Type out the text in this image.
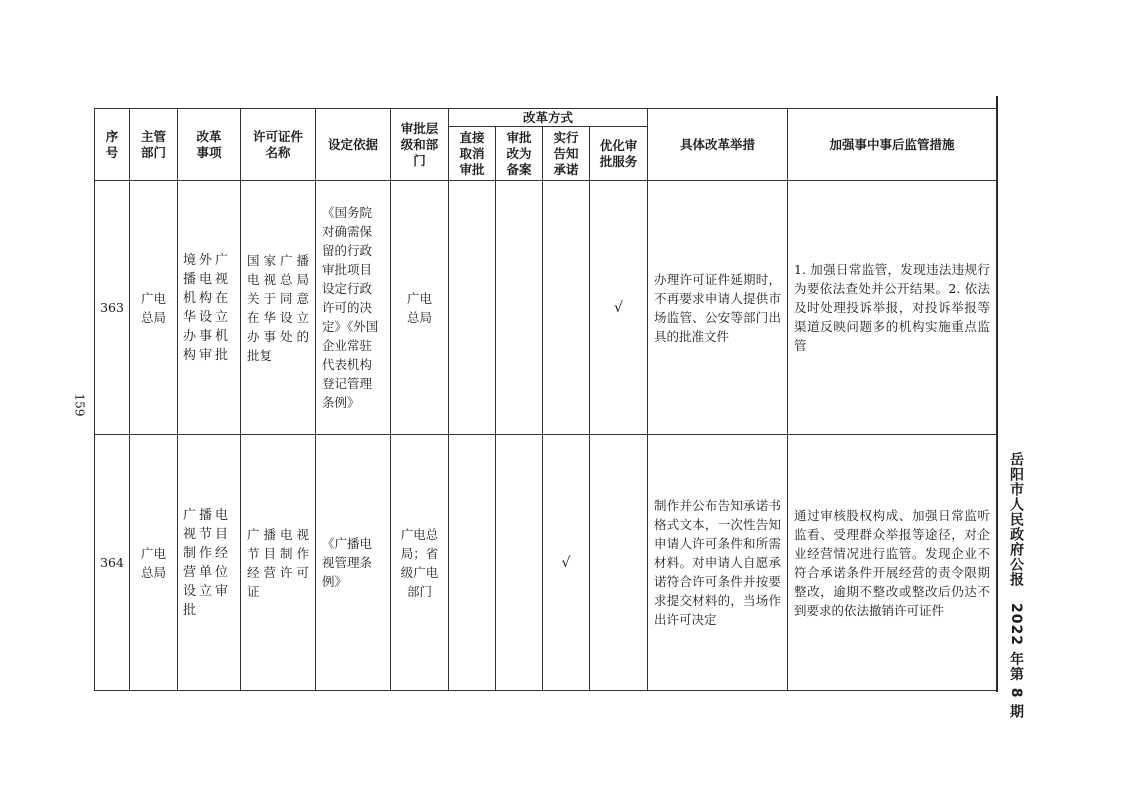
159
岳阳市人民政府公报 2022 年第 8 期
序号	主管部门	改革事项	许可证件名称	设定依据	审批层级和部门	改革方式				具体改革举措	加强事中事后监管措施
						直接取消审批	审批改为备案	实行告知承诺	优化审批服务		
363	广电总局	境外广播电视机构在华设立办事机构审批	国家广播电视总局关于同意在华设立办事处的批复	《国务院对确需保留的行政审批项目设定行政许可的决定》《外国企业常驻代表机构登记管理条例》	广电总局				√	办理许可证件延期时，不再要求申请人提供市场监管、公安等部门出具的批准文件	1. 加强日常监管，发现违法违规行为要依法查处并公开结果。2. 依法及时处理投诉举报，对投诉举报等渠道反映问题多的机构实施重点监管

364	广电总局	广播电视节目制作经营单位设立审批	广播电视节目制作经营许可证	《广播电视管理条例》	广电总局；省级广电部门			√		制作并公布告知承诺书格式文本，一次性告知申请人许可条件和所需材料。对申请人自愿承诺符合许可条件并按要求提交材料的，当场作出许可决定	通过审核股权构成、加强日常监听监看、受理群众举报等途径，对企业经营情况进行监管。发现企业不符合承诺条件开展经营的责令限期整改，逾期不整改或整改后仍达不到要求的依法撤销许可证件
